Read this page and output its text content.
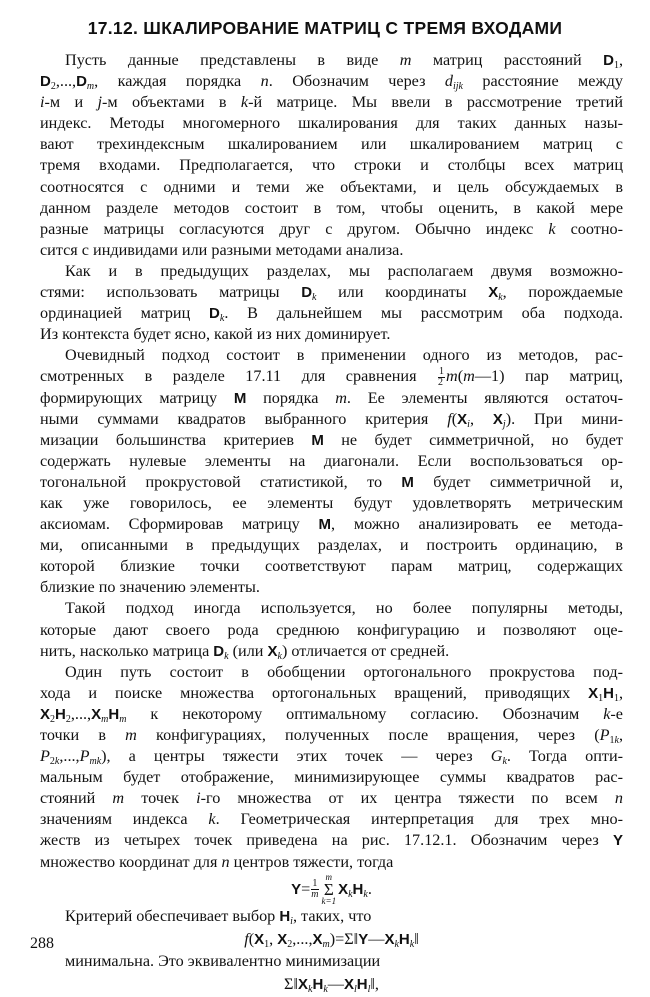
17.12. ШКАЛИРОВАНИЕ МАТРИЦ С ТРЕМЯ ВХОДАМИ
Пусть данные представлены в виде m матриц расстояний $D_1$,
$D_2,...,D_m$, каждая порядка n. Обозначим через $d_{ijk}$ расстояние между
i-м и j-м объектами в k-й матрице. Мы ввели в рассмотрение третий
индекс. Методы многомерного шкалирования для таких данных назы-
вают трехиндексным шкалированием или шкалированием матриц с
тремя входами. Предполагается, что строки и столбцы всех матриц
соотносятся с одними и теми же объектами, и цель обсуждаемых в
данном разделе методов состоит в том, чтобы оценить, в какой мере
разные матрицы согласуются друг с другом. Обычно индекс k соотно-
сится с индивидами или разными методами анализа.
Как и в предыдущих разделах, мы располагаем двумя возможно-
стями: использовать матрицы $D_k$ или координаты $X_k$, порождаемые
ординацией матриц $D_k$. В дальнейшем мы рассмотрим оба подхода.
Из контекста будет ясно, какой из них доминирует.
Очевидный подход состоит в применении одного из методов, рас-
смотренных в разделе 17.11 для сравнения $\frac{1}{2}$ m(m—1) пар матриц,
формирующих матрицу M порядка m. Ее элементы являются остаточ-
ными суммами квадратов выбранного критерия $f(X_i$, $X_j$). При мини-
мизации большинства критериев M не будет симметричной, но будет
содержать нулевые элементы на диагонали. Если воспользоваться ор-
тогональной прокрустовой статистикой, то M будет симметричной и,
как уже говорилось, ее элементы будут удовлетворять метрическим
аксиомам. Сформировав матрицу M, можно анализировать ее метода-
ми, описанными в предыдущих разделах, и построить ординацию, в
которой близкие точки соответствуют парам матриц, содержащих
близкие по значению элементы.
Такой подход иногда используется, но более популярны методы,
которые дают своего рода среднюю конфигурацию и позволяют оце-
нить, насколько матрица $D_k$ (или $X_k$) отличается от средней.
Один путь состоит в обобщении ортогонального прокрустова под-
хода и поиске множества ортогональных вращений, приводящих $X_1H_1$,
$X_2H_2,...,X_mH_m$ к некоторому оптимальному согласию. Обозначим k-е
точки в m конфигурациях, полученных после вращения, через ($P_{1k}$,
$P_{2k},...,P_{mk}$), а центры тяжести этих точек — через $G_k$. Тогда опти-
мальным будет отображение, минимизирующее суммы квадратов рас-
стояний m точек i-го множества от их центра тяжести по всем n
значениям индекса k. Геометрическая интерпретация для трех мно-
жеств из четырех точек приведена на рис. 17.12.1. Обозначим через Y
множество координат для n центров тяжести, тогда
$Y= \frac{1}{m}$
m
Σ
k=1
$X_kH_k$.
Критерий обеспечивает выбор $H_i$, таких, что
$f(X_1$, $X_2,...,X_m)=\Sigma‖Y—X_kH_k‖$
минимальна. Это эквивалентно минимизации
$\Sigma‖X_kH_k—X_lH_l‖$,
288
